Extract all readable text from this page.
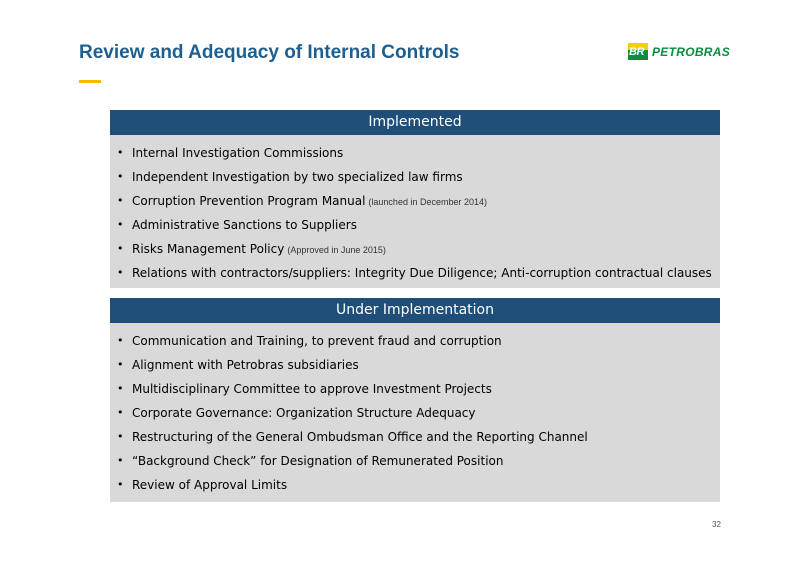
Review and Adequacy of Internal Controls	BR PETROBRAS
Implemented
• Internal Investigation Commissions
• Independent Investigation by two specialized law firms
• Corruption Prevention Program Manual (launched in December 2014)
• Administrative Sanctions to Suppliers
• Risks Management Policy (Approved in June 2015)
• Relations with contractors/suppliers: Integrity Due Diligence; Anti-corruption contractual clauses
Under Implementation
• Communication and Training, to prevent fraud and corruption
• Alignment with Petrobras subsidiaries
• Multidisciplinary Committee to approve Investment Projects
• Corporate Governance: Organization Structure Adequacy
• Restructuring of the General Ombudsman Office and the Reporting Channel
• “Background Check” for Designation of Remunerated Position
• Review of Approval Limits
32
